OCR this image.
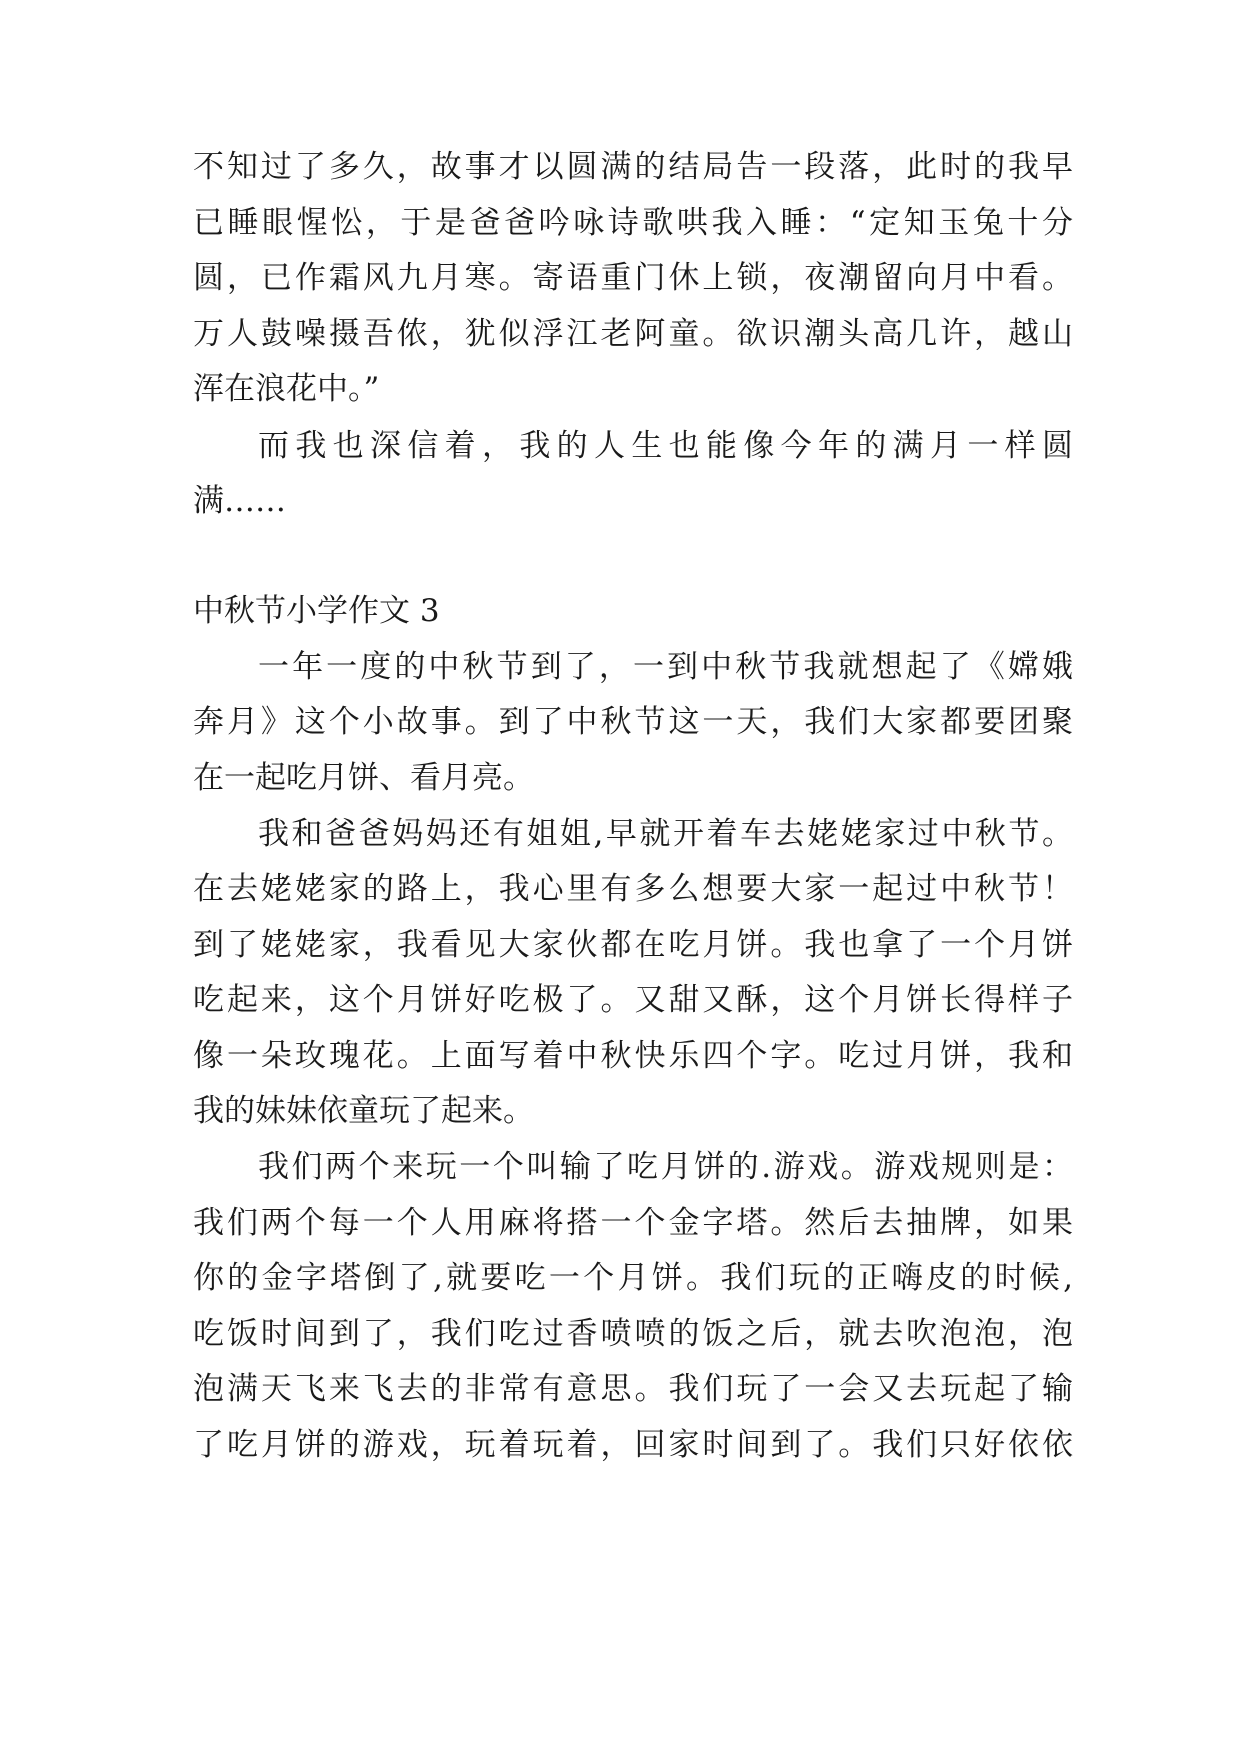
不知过了多久，故事才以圆满的结局告一段落，此时的我早
已睡眼惺忪，于是爸爸吟咏诗歌哄我入睡：“定知玉兔十分
圆，已作霜风九月寒。寄语重门休上锁，夜潮留向月中看。
万人鼓噪摄吾侬，犹似浮江老阿童。欲识潮头高几许，越山
浑在浪花中。”
而我也深信着，我的人生也能像今年的满月一样圆
满……
中秋节小学作文 3
一年一度的中秋节到了，一到中秋节我就想起了《嫦娥
奔月》这个小故事。到了中秋节这一天，我们大家都要团聚
在一起吃月饼、看月亮。
我和爸爸妈妈还有姐姐,早就开着车去姥姥家过中秋节。
在去姥姥家的路上，我心里有多么想要大家一起过中秋节！
到了姥姥家，我看见大家伙都在吃月饼。我也拿了一个月饼
吃起来，这个月饼好吃极了。又甜又酥，这个月饼长得样子
像一朵玫瑰花。上面写着中秋快乐四个字。吃过月饼，我和
我的妹妹依童玩了起来。
我们两个来玩一个叫输了吃月饼的.游戏。游戏规则是：
我们两个每一个人用麻将搭一个金字塔。然后去抽牌，如果
你的金字塔倒了,就要吃一个月饼。我们玩的正嗨皮的时候,
吃饭时间到了，我们吃过香喷喷的饭之后，就去吹泡泡，泡
泡满天飞来飞去的非常有意思。我们玩了一会又去玩起了输
了吃月饼的游戏，玩着玩着，回家时间到了。我们只好依依
